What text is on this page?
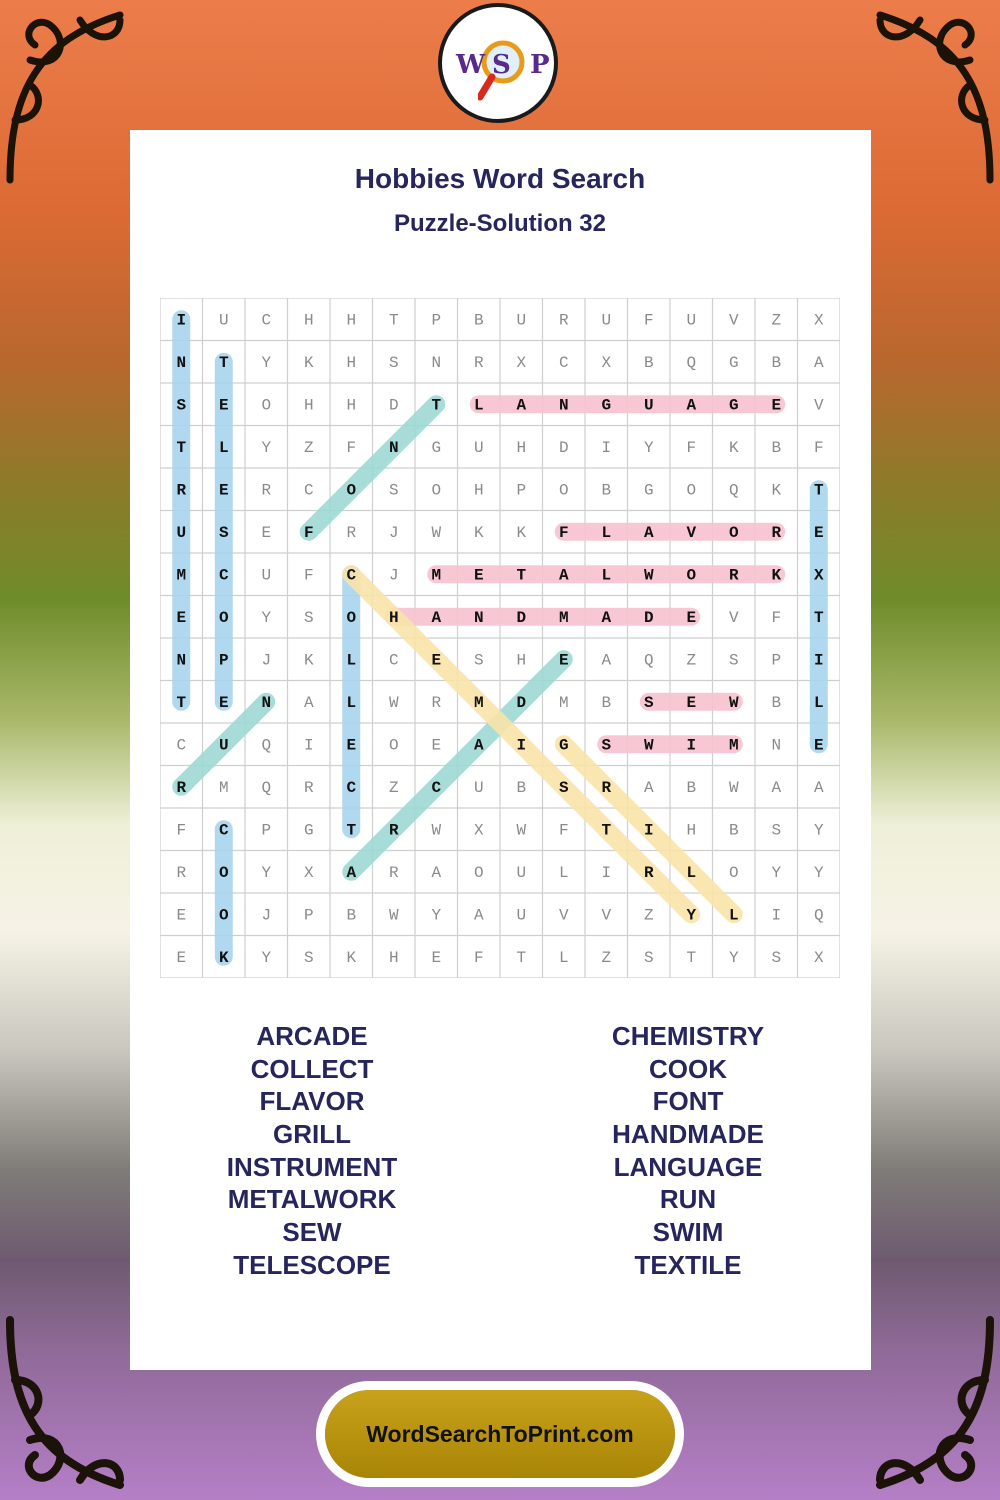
W S P
Hobbies Word Search
Puzzle-Solution 32
I U C H H T P B U R U F U V Z X
N T Y K H S N R X C X B Q G B A
S E O H H D T L A N G U A G E V
T L Y Z F N G U H D I Y F K B F
R E R C O S O H P O B G O Q K T
U S E F R J W K K F L A V O R E
M C U F C J M E T A L W O R K X
E O Y S O H A N D M A D E V F T
N P J K L C E S H E A Q Z S P I
T E N A L W R M D M B S E W B L
C U Q I E O E A I G S W I M N E
R M Q R C Z C U B S R A B W A A
F C P G T R W X W F T I H B S Y
R O Y X A R A O U L I R L O Y Y
E O J P B W Y A U V V Z Y L I Q
E K Y S K H E F T L Z S T Y S X
ARCADE
COLLECT
FLAVOR
GRILL
INSTRUMENT
METALWORK
SEW
TELESCOPE
CHEMISTRY
COOK
FONT
HANDMADE
LANGUAGE
RUN
SWIM
TEXTILE
WordSearchToPrint.com
